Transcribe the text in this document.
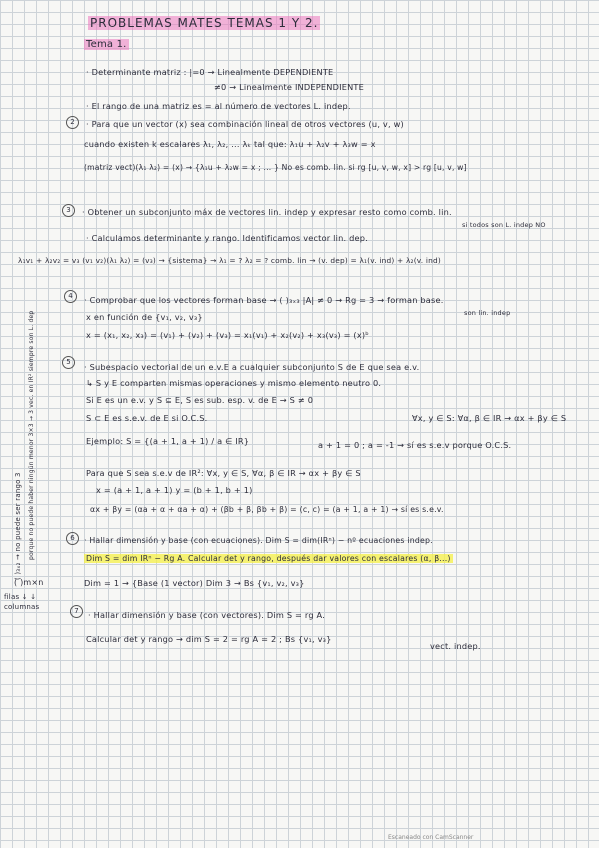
PROBLEMAS MATES TEMAS 1 Y 2.
Tema 1.
· Determinante matriz : |=0 → Linealmente DEPENDIENTE
≠0 → Linealmente INDEPENDIENTE
· El rango de una matriz es = al número de vectores L. indep.
2	· Para que un vector (x) sea combinación lineal de otros vectores (u, v, w)
cuando existen k escalares λ₁, λ₂, ... λₖ tal que: λ₁u + λ₂v + λ₃w = x
(matriz vect)(λ₁ λ₂) = (x) → {λ₁u + λ₂w = x ; ... } No es comb. lin. si rg [u, v, w, x] > rg [u, v, w]
3	· Obtener un subconjunto máx de vectores lin. indep y expresar resto como comb. lin.
si todos son L. indep NO
· Calculamos determinante y rango. Identificamos vector lin. dep.
λ₁v₁ + λ₂v₂ = v₃ (v₁ v₂)(λ₁ λ₂) = (v₃) → {sistema} → λ₁ = ? λ₂ = ? comb. lin → (v. dep) = λ₁(v. ind) + λ₂(v. ind)
4	· Comprobar que los vectores forman base → ( )₃ₓ₃ |A| ≠ 0 → Rg = 3 → forman base.
x en función de {v₁, v₂, v₃}	son lin. indep
x = (x₁, x₂, x₃) = (v₁) + (v₂) + (v₃) = x₁(v₁) + x₂(v₂) + x₃(v₃) = (x)ᵇ
5	· Subespacio vectorial de un e.v.E a cualquier subconjunto S de E que sea e.v.
↳ S y E comparten mismas operaciones y mismo elemento neutro 0.
Si E es un e.v. y S ⊆ E, S es sub. esp. v. de E → S ≠ 0
S ⊂ E es s.e.v. de E si O.C.S.	∀x, y ∈ S: ∀α, β ∈ IR → αx + βy ∈ S
Ejemplo: S = {(a + 1, a + 1) / a ∈ IR}	a + 1 = 0 ; a = -1 → sí es s.e.v porque O.C.S.
Para que S sea s.e.v de IR²: ∀x, y ∈ S, ∀α, β ∈ IR → αx + βy ∈ S
x = (a + 1, a + 1) y = (b + 1, b + 1)
αx + βy = (αa + α + αa + α) + (βb + β, βb + β) = (c, c) = (a + 1, a + 1) → sí es s.e.v.
6	· Hallar dimensión y base (con ecuaciones). Dim S = dim(IRⁿ) − nº ecuaciones indep.
Dim S = dim IRⁿ − Rg A. Calcular det y rango, después dar valores con escalares (α, β...)
Dim = 1 → {Base (1 vector) Dim 3 → Bs {v₁, v₂, v₃}
7	· Hallar dimensión y base (con vectores). Dim S = rg A.
Calcular det y rango → dim S = 2 = rg A = 2 ; Bs {v₁, v₃}
vect. indep.
( )₃ₓ₂ → no puede ser rango 3 porque no puede haber ningún menor 3×3 → 3 vec. en IR² siempre son L. dep
( )m×n
filas ↓ ↓ columnas
Escaneado con CamScanner
